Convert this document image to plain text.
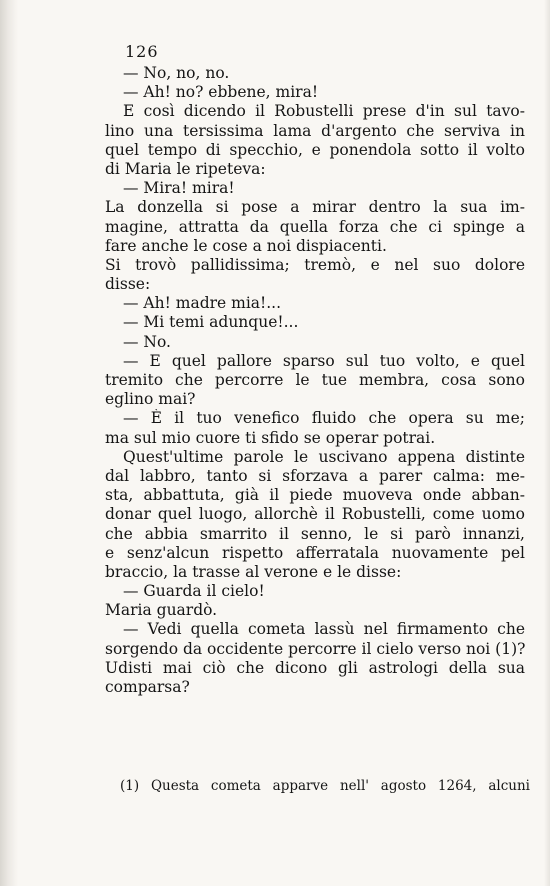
126
— No, no, no.
— Ah! no? ebbene, mira!
E così dicendo il Robustelli prese d'in sul tavo-
lino una tersissima lama d'argento che serviva in
quel tempo di specchio, e ponendola sotto il volto
di Maria le ripeteva:
— Mira! mira!
La donzella si pose a mirar dentro la sua im-
magine, attratta da quella forza che ci spinge a
fare anche le cose a noi dispiacenti.
Si trovò pallidissima; tremò, e nel suo dolore
disse:
— Ah! madre mia!...
— Mi temi adunque!...
— No.
— E quel pallore sparso sul tuo volto, e quel
tremito che percorre le tue membra, cosa sono
eglino mai?
— È il tuo venefico fluido che opera su me;
ma sul mio cuore ti sfido se operar potrai.
Quest'ultime parole le uscivano appena distinte
dal labbro, tanto si sforzava a parer calma: me-
sta, abbattuta, già il piede muoveva onde abban-
donar quel luogo, allorchè il Robustelli, come uomo
che abbia smarrito il senno, le si parò innanzi,
e senz'alcun rispetto afferratala nuovamente pel
braccio, la trasse al verone e le disse:
— Guarda il cielo!
Maria guardò.
— Vedi quella cometa lassù nel firmamento che
sorgendo da occidente percorre il cielo verso noi (1)?
Udisti mai ciò che dicono gli astrologi della sua
comparsa?
(1) Questa cometa apparve nell' agosto 1264, alcuni
